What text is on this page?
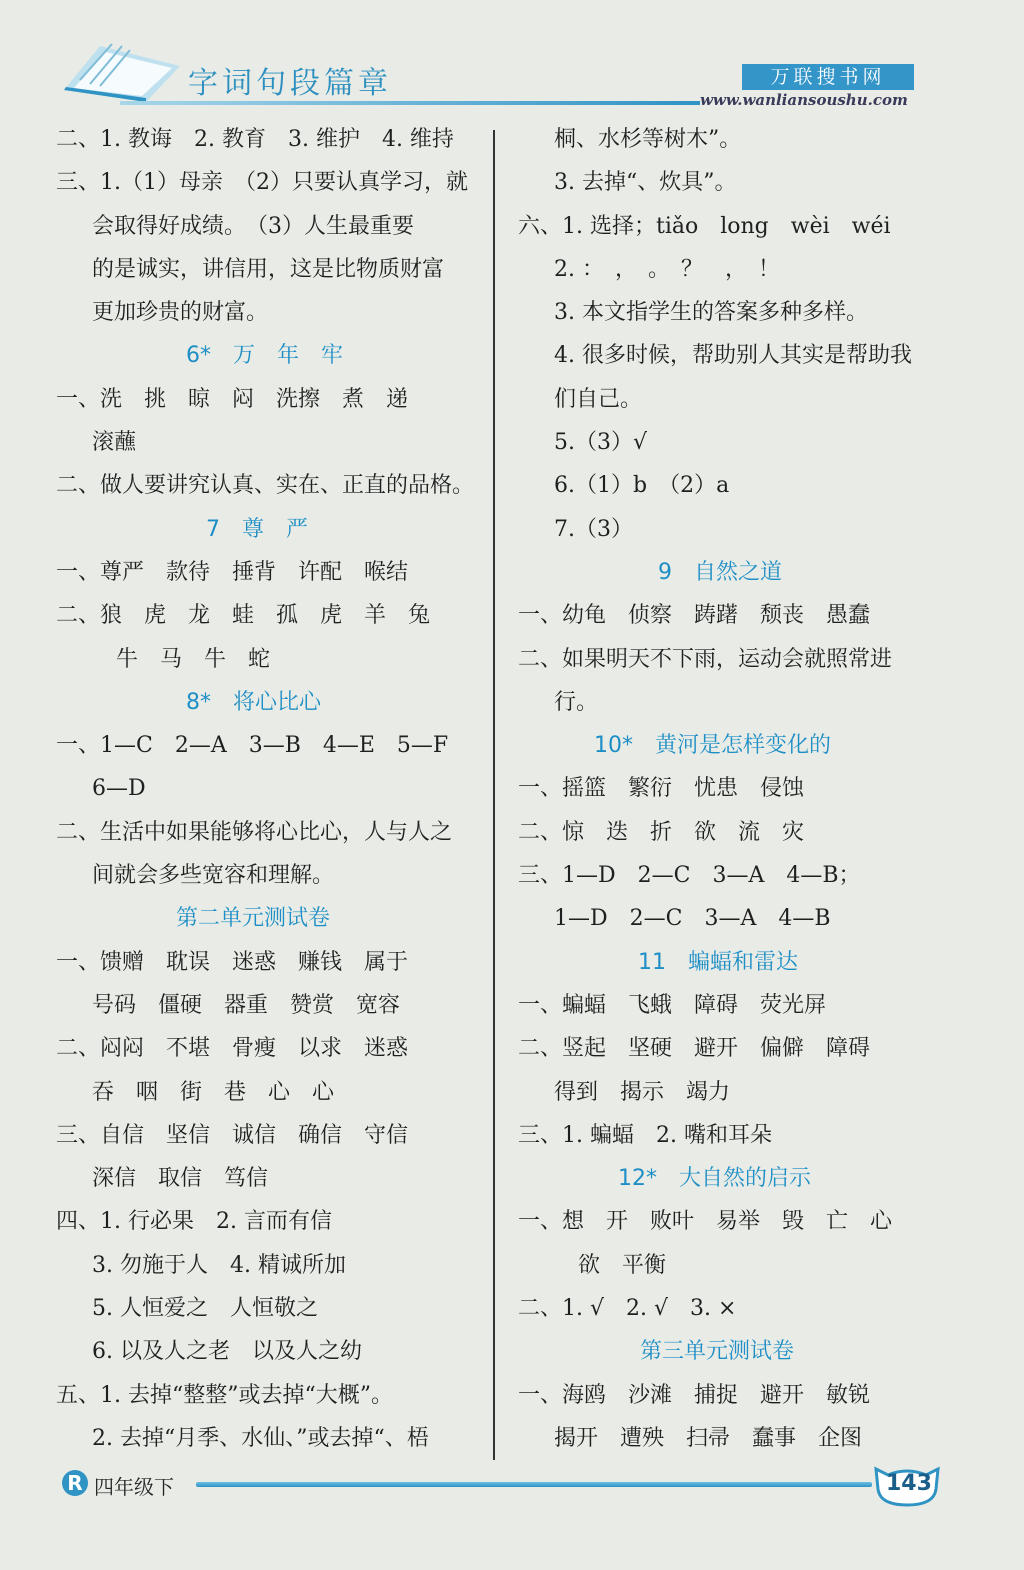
字词句段篇章	万联搜书网
www.wanliansoushu.com
二、1. 教诲　2. 教育　3. 维护　4. 维持
三、1.（1）母亲　（2）只要认真学习，就
会取得好成绩。　（3）人生最重要
的是诚实，讲信用，这是比物质财富
更加珍贵的财富。
6*　万　年　牢
一、洗　挑　晾　闷　洗擦　煮　递
滚蘸
二、做人要讲究认真、实在、正直的品格。
7　尊　严
一、尊严　款待　捶背　许配　喉结
二、狼　虎　龙　蛙　孤　虎　羊　兔
牛　马　牛　蛇
8*　将心比心
一、1—C　2—A　3—B　4—E　5—F
6—D
二、生活中如果能够将心比心，人与人之
间就会多些宽容和理解。
第二单元测试卷
一、馈赠　耽误　迷惑　赚钱　属于
号码　僵硬　器重　赞赏　宽容
二、闷闷　不堪　骨瘦　以求　迷惑
吞　咽　街　巷　心　心
三、自信　坚信　诚信　确信　守信
深信　取信　笃信
四、1. 行必果　2. 言而有信
3. 勿施于人　4. 精诚所加
5. 人恒爱之　人恒敬之
6. 以及人之老　以及人之幼
五、1. 去掉“整整”或去掉“大概”。
2. 去掉“月季、水仙、”或去掉“、梧
桐、水杉等树木”。
3. 去掉“、炊具”。
六、1. 选择；tiǎo　long　wèi　wéi
2. ：　，　。　？　，　！
3. 本文指学生的答案多种多样。
4. 很多时候，帮助别人其实是帮助我
们自己。
5.（3）√
6.（1）b　（2）a
7.（3）
9　自然之道
一、幼龟　侦察　踌躇　颓丧　愚蠢
二、如果明天不下雨，运动会就照常进
行。
10*　黄河是怎样变化的
一、摇篮　繁衍　忧患　侵蚀
二、惊　迭　折　欲　流　灾
三、1—D　2—C　3—A　4—B；
1—D　2—C　3—A　4—B
11　蝙蝠和雷达
一、蝙蝠　飞蛾　障碍　荧光屏
二、竖起　坚硬　避开　偏僻　障碍
得到　揭示　竭力
三、1. 蝙蝠　2. 嘴和耳朵
12*　大自然的启示
一、想　开　败叶　易举　毁　亡　心
欲　平衡
二、1. √　2. √　3. ×
第三单元测试卷
一、海鸥　沙滩　捕捉　避开　敏锐
揭开　遭殃　扫帚　蠢事　企图
R 四年级下	143
